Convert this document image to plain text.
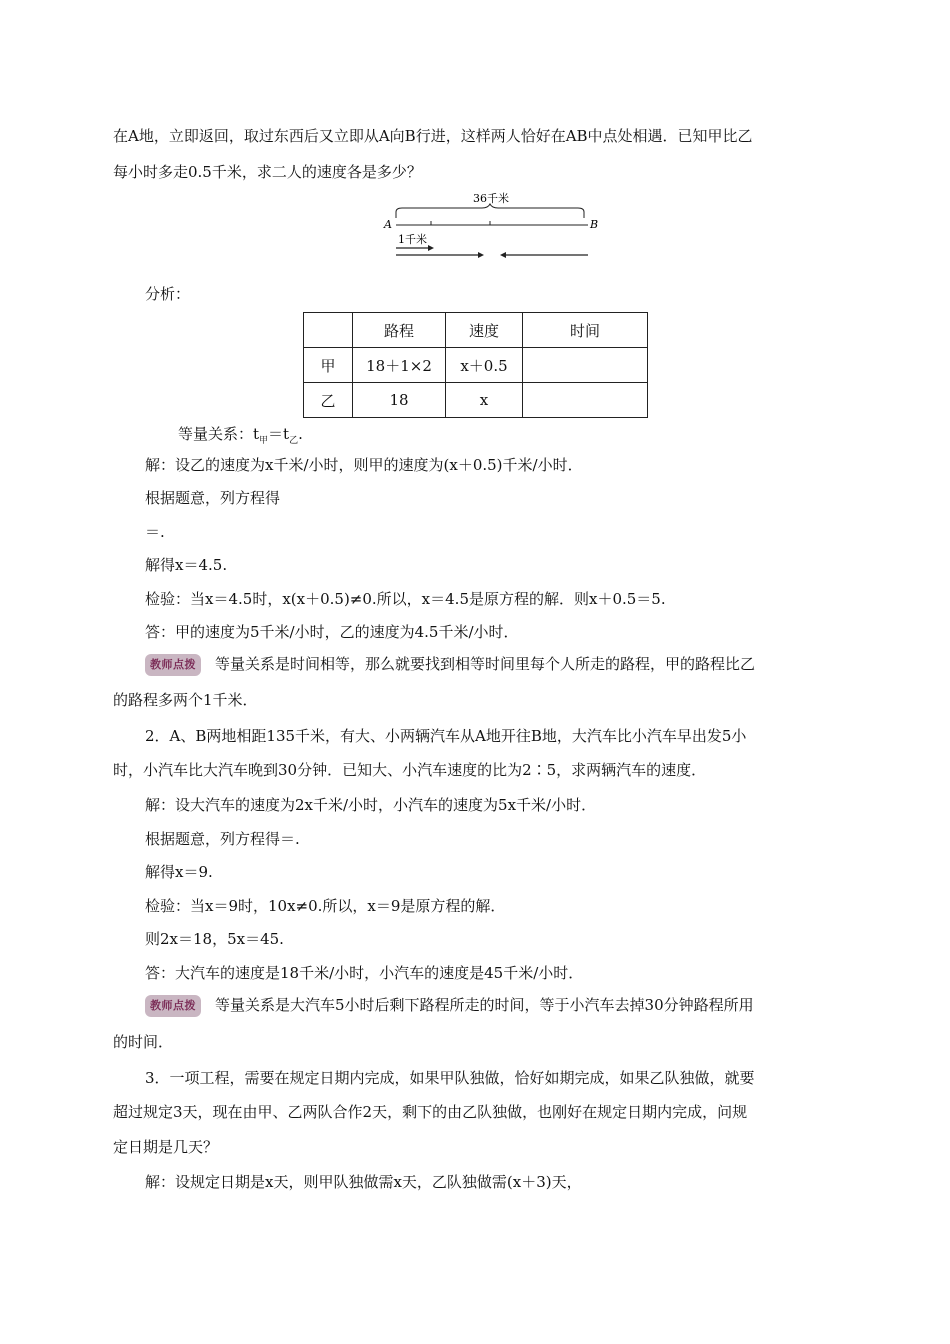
在A地，立即返回，取过东西后又立即从A向B行进，这样两人恰好在AB中点处相遇．已知甲比乙
每小时多走0.5千米，求二人的速度各是多少？
36千米
A	B
1千米
分析：
	路程	速度	时间
甲	18＋1×2	x＋0.5	
乙	18	x	
等量关系：$t_甲=t_乙$.
解：设乙的速度为x千米/小时，则甲的速度为(x＋0.5)千米/小时．
根据题意，列方程得
＝.
解得x＝4.5.
检验：当x＝4.5时，x(x＋0.5)≠0.所以，x＝4.5是原方程的解．则x＋0.5＝5.
答：甲的速度为5千米/小时，乙的速度为4.5千米/小时．
教师点拨 等量关系是时间相等，那么就要找到相等时间里每个人所走的路程，甲的路程比乙
的路程多两个1千米．
2．A、B两地相距135千米，有大、小两辆汽车从A地开往B地，大汽车比小汽车早出发5小
时，小汽车比大汽车晚到30分钟．已知大、小汽车速度的比为2∶5，求两辆汽车的速度．
解：设大汽车的速度为2x千米/小时，小汽车的速度为5x千米/小时．
根据题意，列方程得＝.
解得x＝9.
检验：当x＝9时，10x≠0.所以，x＝9是原方程的解．
则2x＝18，5x＝45.
答：大汽车的速度是18千米/小时，小汽车的速度是45千米/小时．
教师点拨 等量关系是大汽车5小时后剩下路程所走的时间，等于小汽车去掉30分钟路程所用
的时间．
3．一项工程，需要在规定日期内完成，如果甲队独做，恰好如期完成，如果乙队独做，就要
超过规定3天，现在由甲、乙两队合作2天，剩下的由乙队独做，也刚好在规定日期内完成，问规
定日期是几天？
解：设规定日期是x天，则甲队独做需x天，乙队独做需(x＋3)天，
